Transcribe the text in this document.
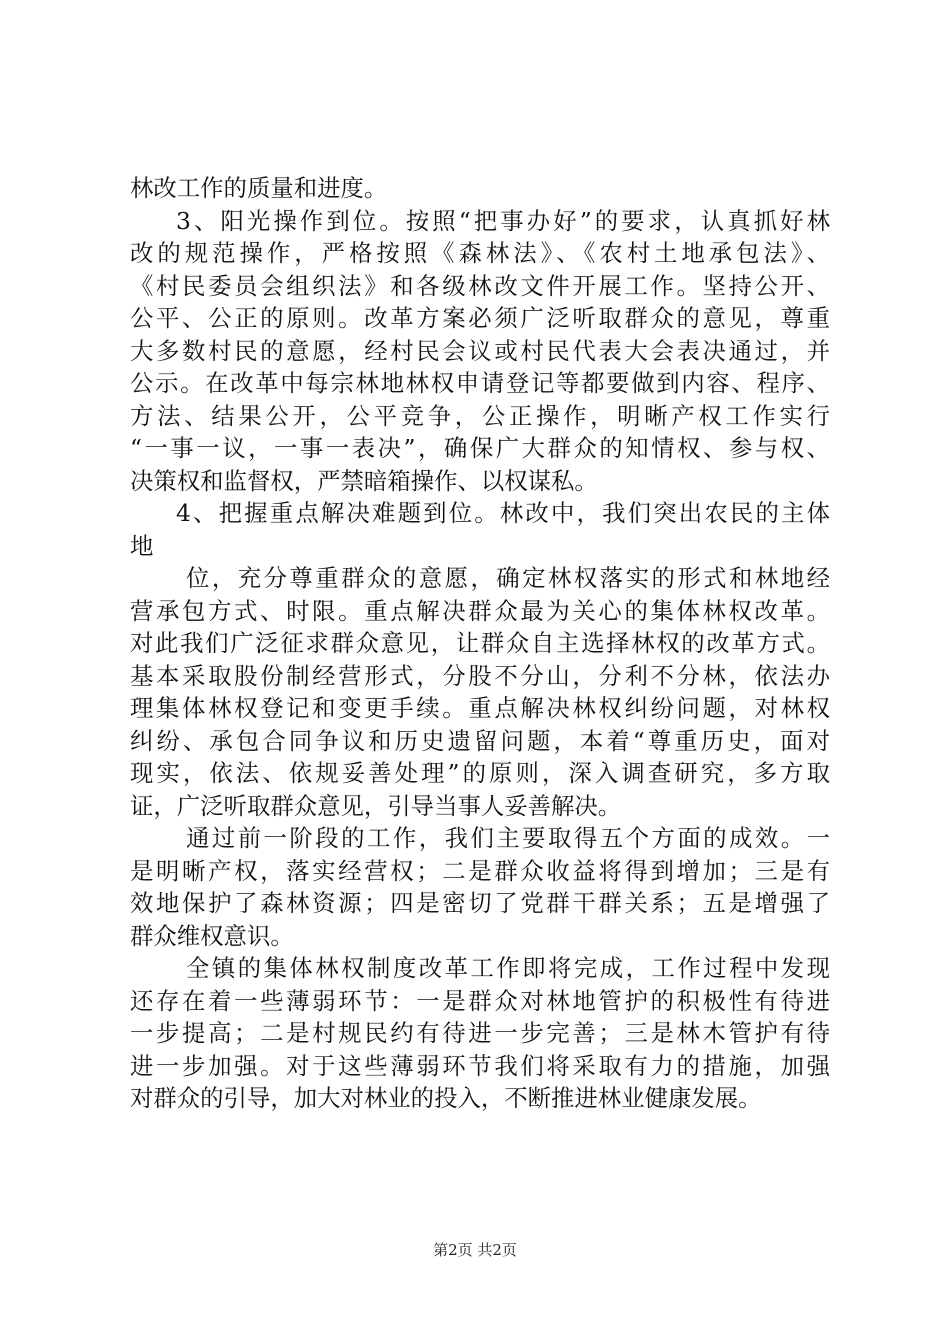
林改工作的质量和进度。
3、阳光操作到位。按照“把事办好”的要求，认真抓好林
改的规范操作，严格按照《森林法》、《农村土地承包法》、
《村民委员会组织法》和各级林改文件开展工作。坚持公开、
公平、公正的原则。改革方案必须广泛听取群众的意见，尊重
大多数村民的意愿，经村民会议或村民代表大会表决通过，并
公示。在改革中每宗林地林权申请登记等都要做到内容、程序、
方法、结果公开，公平竞争，公正操作，明晰产权工作实行
“一事一议，一事一表决”，确保广大群众的知情权、参与权、
决策权和监督权，严禁暗箱操作、以权谋私。
4、把握重点解决难题到位。林改中，我们突出农民的主体
地
位，充分尊重群众的意愿，确定林权落实的形式和林地经
营承包方式、时限。重点解决群众最为关心的集体林权改革。
对此我们广泛征求群众意见，让群众自主选择林权的改革方式。
基本采取股份制经营形式，分股不分山，分利不分林，依法办
理集体林权登记和变更手续。重点解决林权纠纷问题，对林权
纠纷、承包合同争议和历史遗留问题，本着“尊重历史，面对
现实，依法、依规妥善处理”的原则，深入调查研究，多方取
证，广泛听取群众意见，引导当事人妥善解决。
通过前一阶段的工作，我们主要取得五个方面的成效。一
是明晰产权，落实经营权；二是群众收益将得到增加；三是有
效地保护了森林资源；四是密切了党群干群关系；五是增强了
群众维权意识。
全镇的集体林权制度改革工作即将完成，工作过程中发现
还存在着一些薄弱环节：一是群众对林地管护的积极性有待进
一步提高；二是村规民约有待进一步完善；三是林木管护有待
进一步加强。对于这些薄弱环节我们将采取有力的措施，加强
对群众的引导，加大对林业的投入，不断推进林业健康发展。
第2页 共2页
